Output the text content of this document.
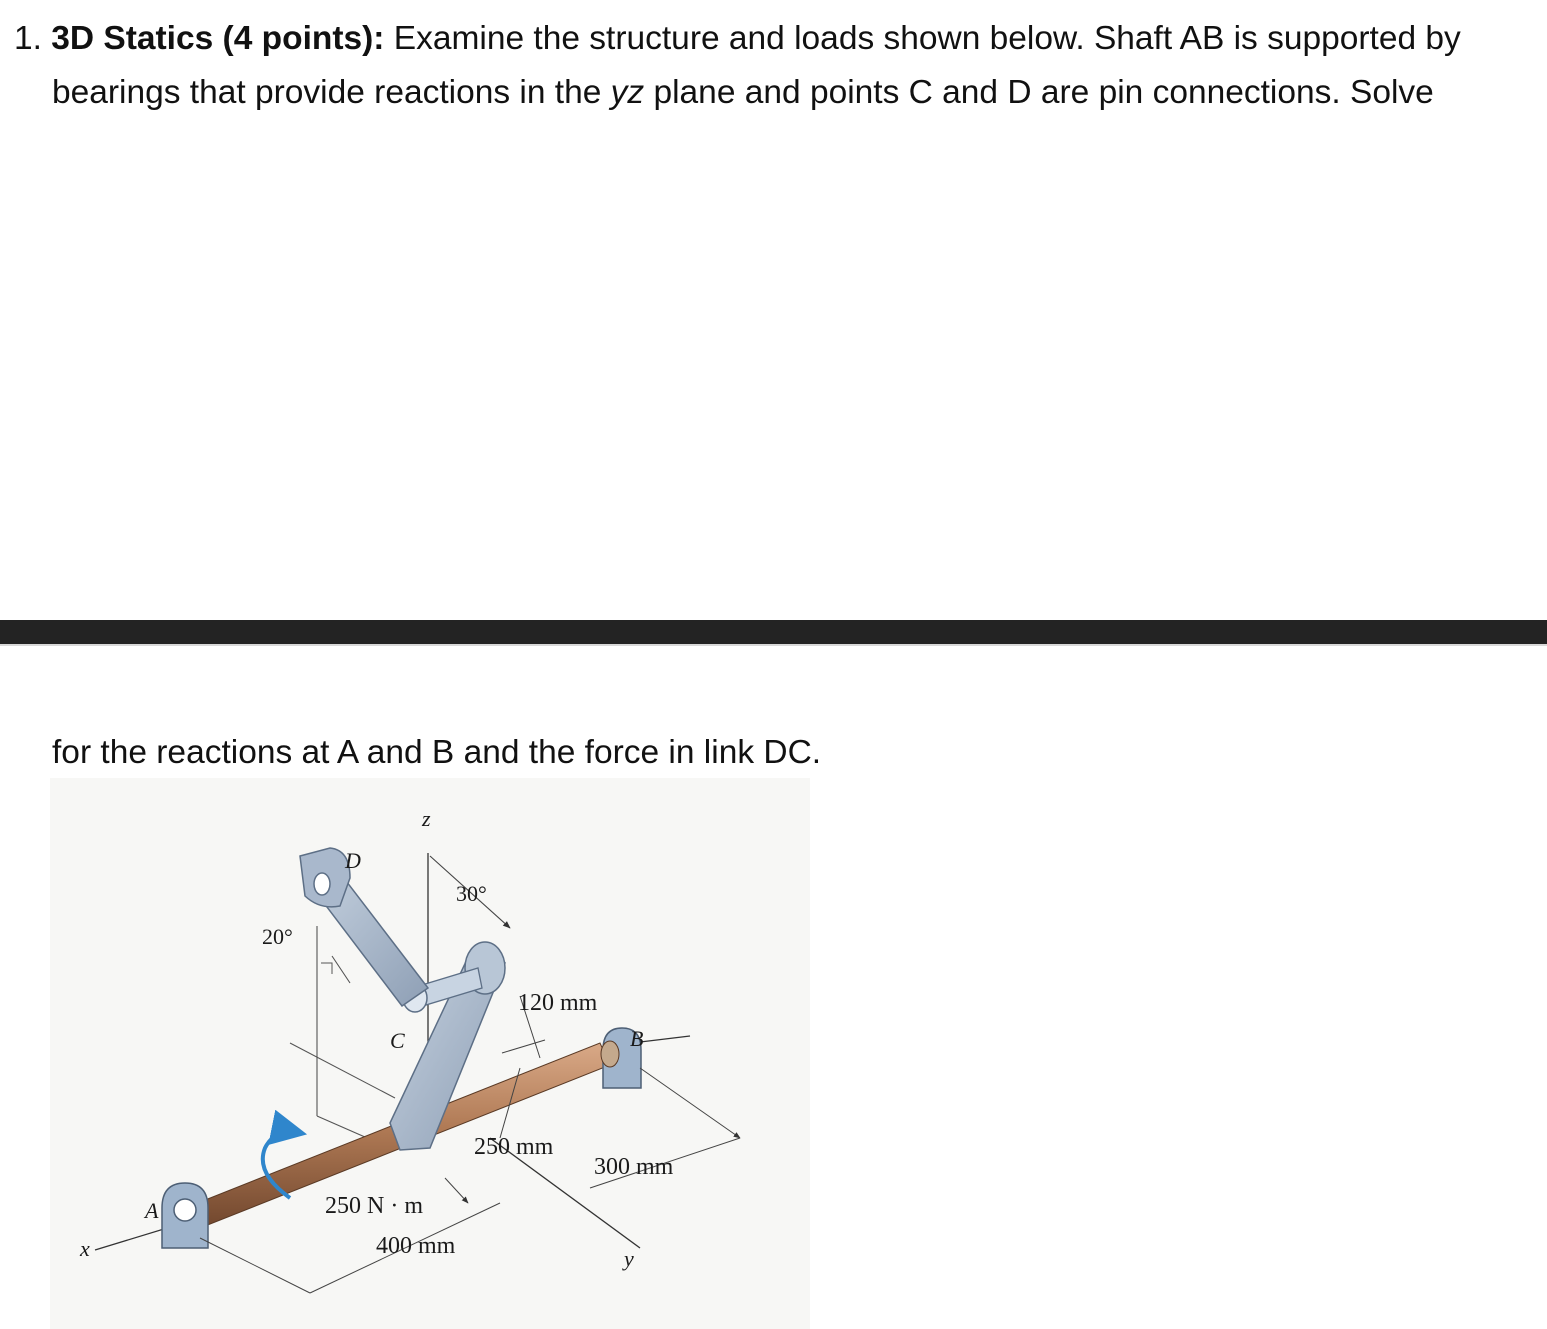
1. 3D Statics (4 points): Examine the structure and loads shown below. Shaft AB is supported by
bearings that provide reactions in the yz plane and points C and D are pin connections. Solve

for the reactions at A and B and the force in link DC.

z
x	y
A
B
C
D
30°
20°
120 mm
250 mm
300 mm
400 mm
250 N · m
